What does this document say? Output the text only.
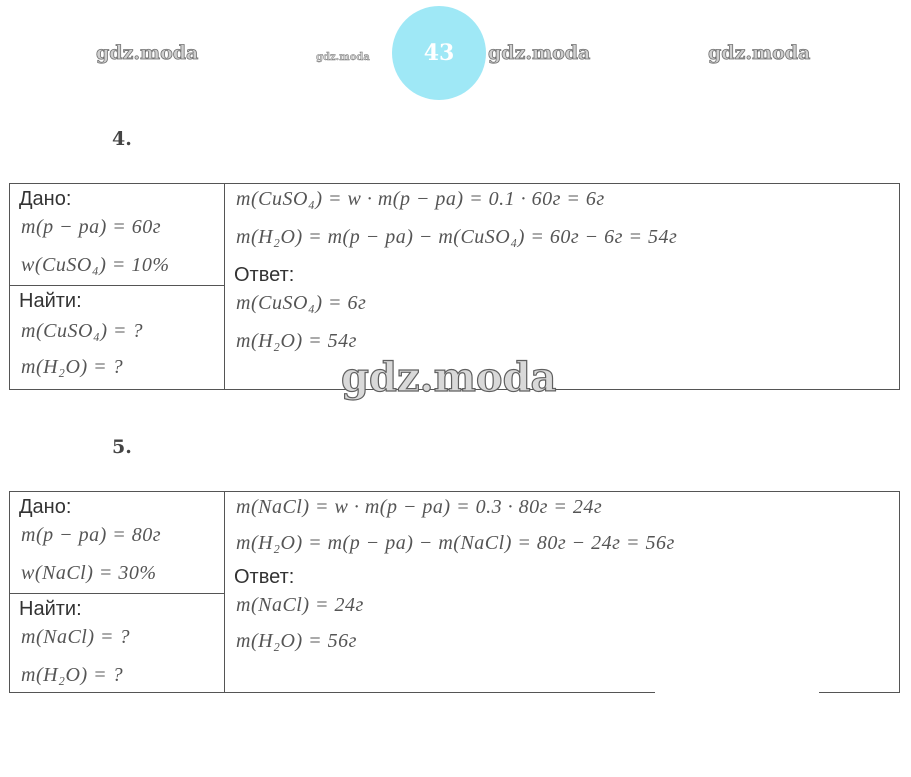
gdz.moda	gdz.moda 43 gdz.moda	gdz.moda
4.
Дано:
m(p − pa) = 60г
w(CuSO₄) = 10%
Найти:
m(CuSO₄) = ?
m(H₂O) = ?
m(CuSO₄) = w · m(p − pa) = 0.1 · 60г = 6г
m(H₂O) = m(p − pa) − m(CuSO₄) = 60г − 6г = 54г
Ответ:
m(CuSO₄) = 6г
m(H₂O) = 54г
gdz.moda
5.
Дано:
m(p − pa) = 80г
w(NaCl) = 30%
Найти:
m(NaCl) = ?
m(H₂O) = ?
m(NaCl) = w · m(p − pa) = 0.3 · 80г = 24г
m(H₂O) = m(p − pa) − m(NaCl) = 80г − 24г = 56г
Ответ:
m(NaCl) = 24г
m(H₂O) = 56г
